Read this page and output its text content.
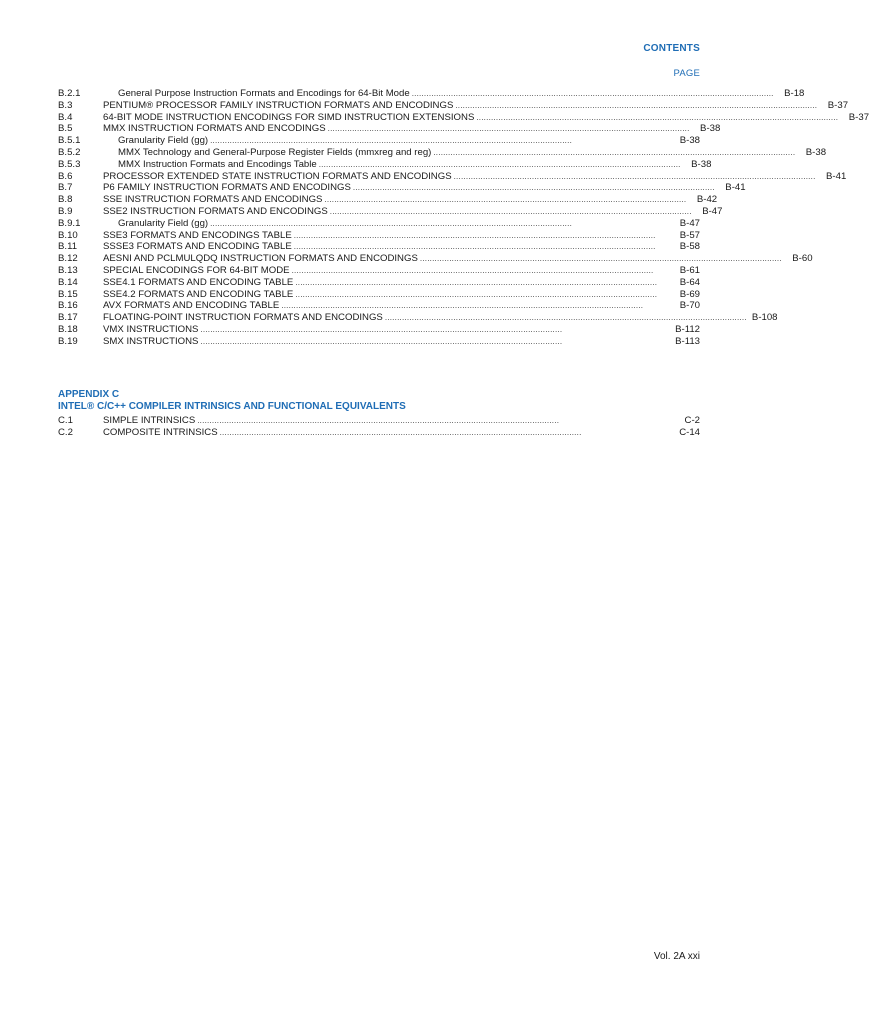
CONTENTS
PAGE
B.2.1	General Purpose Instruction Formats and Encodings for 64-Bit Mode . . .	B-18
B.3	PENTIUM® PROCESSOR FAMILY INSTRUCTION FORMATS AND ENCODINGS . . .	B-37
B.4	64-BIT MODE INSTRUCTION ENCODINGS FOR SIMD INSTRUCTION EXTENSIONS . . .	B-37
B.5	MMX INSTRUCTION FORMATS AND ENCODINGS . . .	B-38
B.5.1	Granularity Field (gg) . . .	B-38
B.5.2	MMX Technology and General-Purpose Register Fields (mmxreg and reg) . . .	B-38
B.5.3	MMX Instruction Formats and Encodings Table . . .	B-38
B.6	PROCESSOR EXTENDED STATE INSTRUCTION FORMATS AND ENCODINGS . . .	B-41
B.7	P6 FAMILY INSTRUCTION FORMATS AND ENCODINGS . . .	B-41
B.8	SSE INSTRUCTION FORMATS AND ENCODINGS . . .	B-42
B.9	SSE2 INSTRUCTION FORMATS AND ENCODINGS . . .	B-47
B.9.1	Granularity Field (gg) . . .	B-47
B.10	SSE3 FORMATS AND ENCODINGS TABLE . . .	B-57
B.11	SSSE3 FORMATS AND ENCODING TABLE . . .	B-58
B.12	AESNI AND PCLMULQDQ INSTRUCTION FORMATS AND ENCODINGS . . .	B-60
B.13	SPECIAL ENCODINGS FOR 64-BIT MODE . . .	B-61
B.14	SSE4.1 FORMATS AND ENCODING TABLE . . .	B-64
B.15	SSE4.2 FORMATS AND ENCODING TABLE . . .	B-69
B.16	AVX FORMATS AND ENCODING TABLE . . .	B-70
B.17	FLOATING-POINT INSTRUCTION FORMATS AND ENCODINGS . . .	B-108
B.18	VMX INSTRUCTIONS . . .	B-112
B.19	SMX INSTRUCTIONS . . .	B-113
APPENDIX C
INTEL® C/C++ COMPILER INTRINSICS AND FUNCTIONAL EQUIVALENTS
C.1	SIMPLE INTRINSICS . . .	C-2
C.2	COMPOSITE INTRINSICS . . .	C-14
Vol. 2A xxi
